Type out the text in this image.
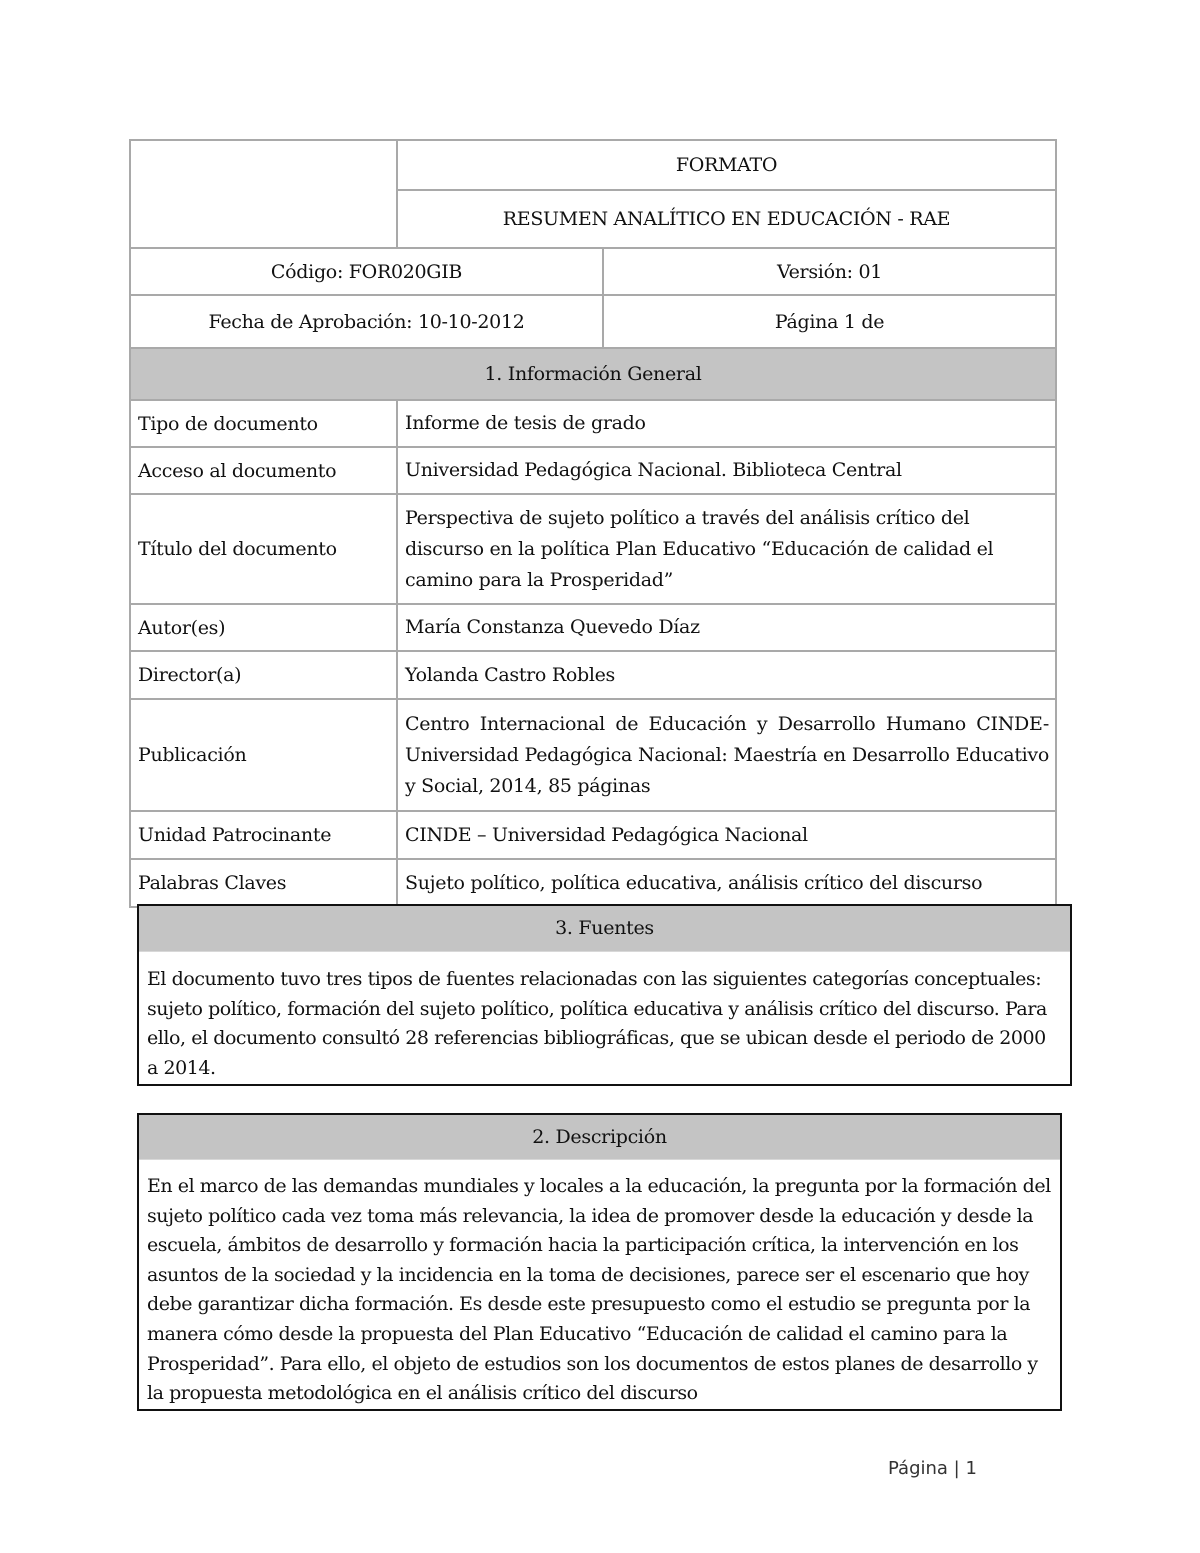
	FORMATO	
	RESUMEN ANALÍTICO EN EDUCACIÓN - RAE	
Código: FOR020GIB		Versión: 01
Fecha de Aprobación: 10-10-2012		Página 1 de
1. Información General		
Tipo de documento	Informe de tesis de grado	
Acceso al documento	Universidad Pedagógica Nacional. Biblioteca Central	
Título del documento	Perspectiva de sujeto político a través del análisis crítico del discurso en la política Plan Educativo “Educación de calidad el camino para la Prosperidad”	
Autor(es)	María Constanza Quevedo Díaz	
Director(a)	Yolanda Castro Robles	
Publicación	Centro Internacional de Educación y Desarrollo Humano CINDE- Universidad Pedagógica Nacional: Maestría en Desarrollo Educativo y Social, 2014, 85 páginas	
Unidad Patrocinante	CINDE – Universidad Pedagógica Nacional	
Palabras Claves	Sujeto político, política educativa, análisis crítico del discurso	
3. Fuentes
El documento tuvo tres tipos de fuentes relacionadas con las siguientes categorías conceptuales: sujeto político, formación del sujeto político, política educativa y análisis crítico del discurso. Para ello, el documento consultó 28 referencias bibliográficas, que se ubican desde el periodo de 2000 a 2014.
2. Descripción
En el marco de las demandas mundiales y locales a la educación, la pregunta por la formación del sujeto político cada vez toma más relevancia, la idea de promover desde la educación y desde la escuela, ámbitos de desarrollo y formación hacia la participación crítica, la intervención en los asuntos de la sociedad y la incidencia en la toma de decisiones, parece ser el escenario que hoy debe garantizar dicha formación. Es desde este presupuesto como el estudio se pregunta por la manera cómo desde la propuesta del Plan Educativo “Educación de calidad el camino para la Prosperidad”. Para ello, el objeto de estudios son los documentos de estos planes de desarrollo y la propuesta metodológica en el análisis crítico del discurso
Página | 1
